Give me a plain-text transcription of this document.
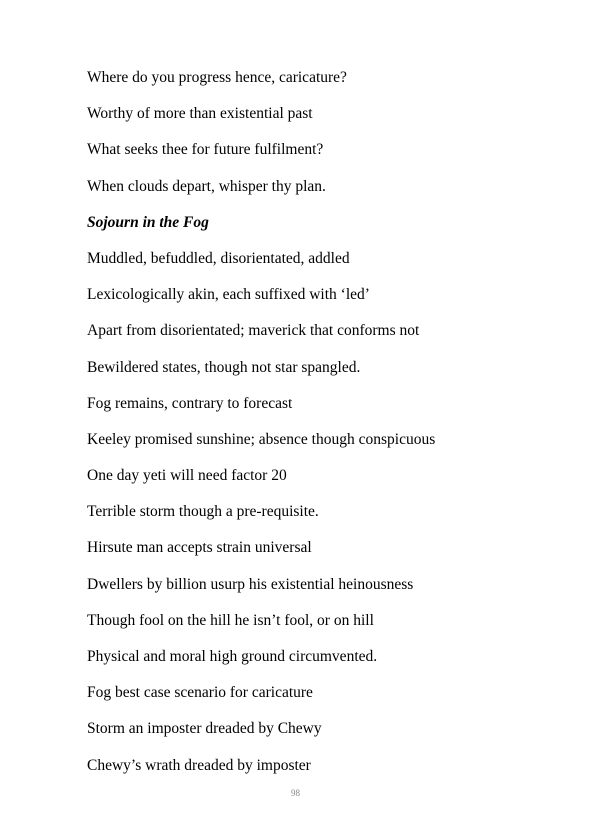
Where do you progress hence, caricature?
Worthy of more than existential past
What seeks thee for future fulfilment?
When clouds depart, whisper thy plan.
Sojourn in the Fog
Muddled, befuddled, disorientated, addled
Lexicologically akin, each suffixed with ‘led’
Apart from disorientated; maverick that conforms not
Bewildered states, though not star spangled.
Fog remains, contrary to forecast
Keeley promised sunshine; absence though conspicuous
One day yeti will need factor 20
Terrible storm though a pre-requisite.
Hirsute man accepts strain universal
Dwellers by billion usurp his existential heinousness
Though fool on the hill he isn’t fool, or on hill
Physical and moral high ground circumvented.
Fog best case scenario for caricature
Storm an imposter dreaded by Chewy
Chewy’s wrath dreaded by imposter
98
